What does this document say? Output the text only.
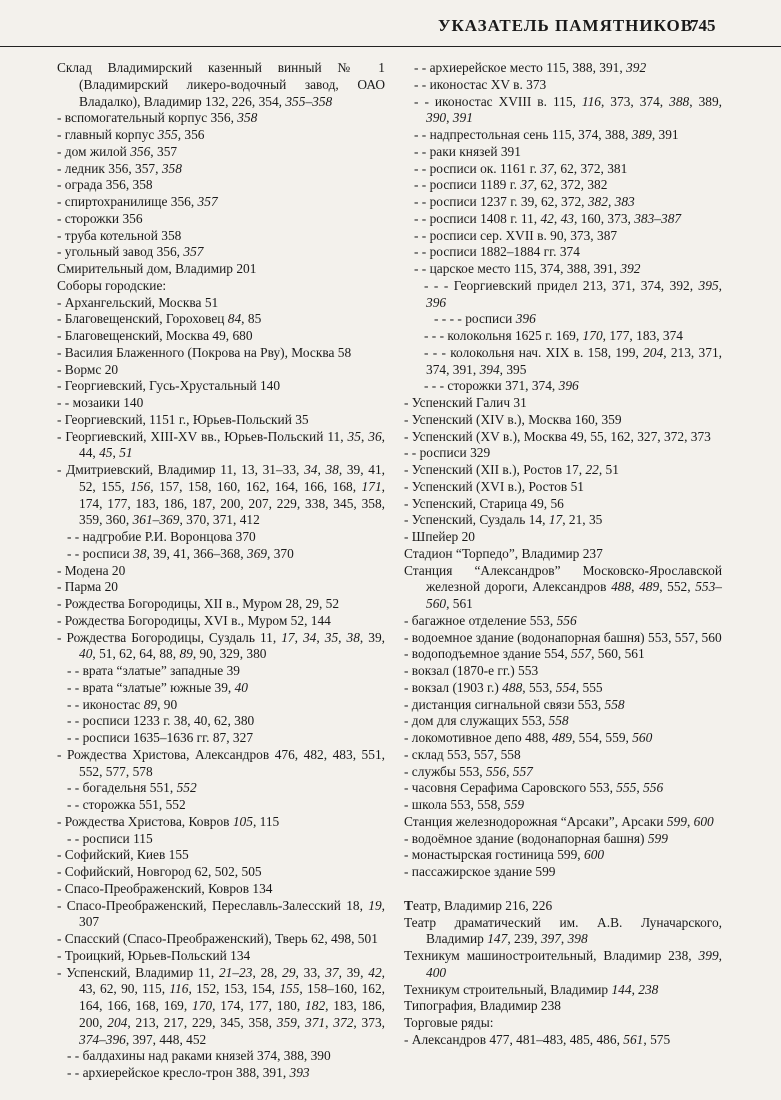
УКАЗАТЕЛЬ ПАМЯТНИКОВ
745

Склад Владимирский казенный винный № 1 (Владимирский ликеро-водочный завод, ОАО Владалко), Владимир 132, 226, 354, 355–358

- вспомогательный корпус 356, 358

- главный корпус 355, 356

- дом жилой 356, 357

- ледник 356, 357, 358

- ограда 356, 358

- спиртохранилище 356, 357

- сторожки 356

- труба котельной 358

- угольный завод 356, 357

Смирительный дом, Владимир 201

Соборы городские:

- Архангельский, Москва 51

- Благовещенский, Гороховец 84, 85

- Благовещенский, Москва 49, 680

- Василия Блаженного (Покрова на Рву), Москва 58

- Вормс 20

- Георгиевский, Гусь-Хрустальный 140

- - мозаики 140

- Георгиевский, 1151 г., Юрьев-Польский 35

- Георгиевский, XIII-XV вв., Юрьев-Польский 11, 35, 36, 44, 45, 51

- Дмитриевский, Владимир 11, 13, 31–33, 34, 38, 39, 41, 52, 155, 156, 157, 158, 160, 162, 164, 166, 168, 171, 174, 177, 183, 186, 187, 200, 207, 229, 338, 345, 358, 359, 360, 361–369, 370, 371, 412

- - надгробие Р.И. Воронцова 370

- - росписи 38, 39, 41, 366–368, 369, 370

- Модена 20

- Парма 20

- Рождества Богородицы, XII в., Муром 28, 29, 52

- Рождества Богородицы, XVI в., Муром 52, 144

- Рождества Богородицы, Суздаль 11, 17, 34, 35, 38, 39, 40, 51, 62, 64, 88, 89, 90, 329, 380

- - врата “златые” западные 39

- - врата “златые” южные 39, 40

- - иконостас 89, 90

- - росписи 1233 г. 38, 40, 62, 380

- - росписи 1635–1636 гг. 87, 327

- Рождества Христова, Александров 476, 482, 483, 551, 552, 577, 578

- - богадельня 551, 552

- - сторожка 551, 552

- Рождества Христова, Ковров 105, 115

- - росписи 115

- Софийский, Киев 155

- Софийский, Новгород 62, 502, 505

- Спасо-Преображенский, Ковров 134

- Спасо-Преображенский, Переславль-Залесский 18, 19, 307

- Спасский (Спасо-Преображенский), Тверь 62, 498, 501

- Троицкий, Юрьев-Польский 134

- Успенский, Владимир 11, 21–23, 28, 29, 33, 37, 39, 42, 43, 62, 90, 115, 116, 152, 153, 154, 155, 158–160, 162, 164, 166, 168, 169, 170, 174, 177, 180, 182, 183, 186, 200, 204, 213, 217, 229, 345, 358, 359, 371, 372, 373, 374–396, 397, 448, 452

- - балдахины над раками князей 374, 388, 390

- - архиерейское кресло-трон 388, 391, 393

- - архиерейское место 115, 388, 391, 392

- - иконостас XV в. 373

- - иконостас XVIII в. 115, 116, 373, 374, 388, 389, 390, 391

- - надпрестольная сень 115, 374, 388, 389, 391

- - раки князей 391

- - росписи ок. 1161 г. 37, 62, 372, 381

- - росписи 1189 г. 37, 62, 372, 382

- - росписи 1237 г. 39, 62, 372, 382, 383

- - росписи 1408 г. 11, 42, 43, 160, 373, 383–387

- - росписи сер. XVII в. 90, 373, 387

- - росписи 1882–1884 гг. 374

- - царское место 115, 374, 388, 391, 392

- - - Георгиевский придел 213, 371, 374, 392, 395, 396

- - - - росписи 396

- - - колокольня 1625 г. 169, 170, 177, 183, 374

- - - колокольня нач. XIX в. 158, 199, 204, 213, 371, 374, 391, 394, 395

- - - сторожки 371, 374, 396

- Успенский Галич 31

- Успенский (XIV в.), Москва 160, 359

- Успенский (XV в.), Москва 49, 55, 162, 327, 372, 373

- - росписи 329

- Успенский (XII в.), Ростов 17, 22, 51

- Успенский (XVI в.), Ростов 51

- Успенский, Старица 49, 56

- Успенский, Суздаль 14, 17, 21, 35

- Шпейер 20

Стадион “Торпедо”, Владимир 237

Станция “Александров” Московско-Ярославской железной дороги, Александров 488, 489, 552, 553–560, 561

- багажное отделение 553, 556

- водоемное здание (водонапорная башня) 553, 557, 560

- водоподъемное здание 554, 557, 560, 561

- вокзал (1870-е гг.) 553

- вокзал (1903 г.) 488, 553, 554, 555

- дистанция сигнальной связи 553, 558

- дом для служащих 553, 558

- локомотивное депо 488, 489, 554, 559, 560

- склад 553, 557, 558

- службы 553, 556, 557

- часовня Серафима Саровского 553, 555, 556

- школа 553, 558, 559

Станция железнодорожная “Арсаки”, Арсаки 599, 600

- водоёмное здание (водонапорная башня) 599

- монастырская гостиница 599, 600

- пассажирское здание 599

Театр, Владимир 216, 226

Театр драматический им. А.В. Луначарского, Владимир 147, 239, 397, 398

Техникум машиностроительный, Владимир 238, 399, 400

Техникум строительный, Владимир 144, 238

Типография, Владимир 238

Торговые ряды:

- Александров 477, 481–483, 485, 486, 561, 575
